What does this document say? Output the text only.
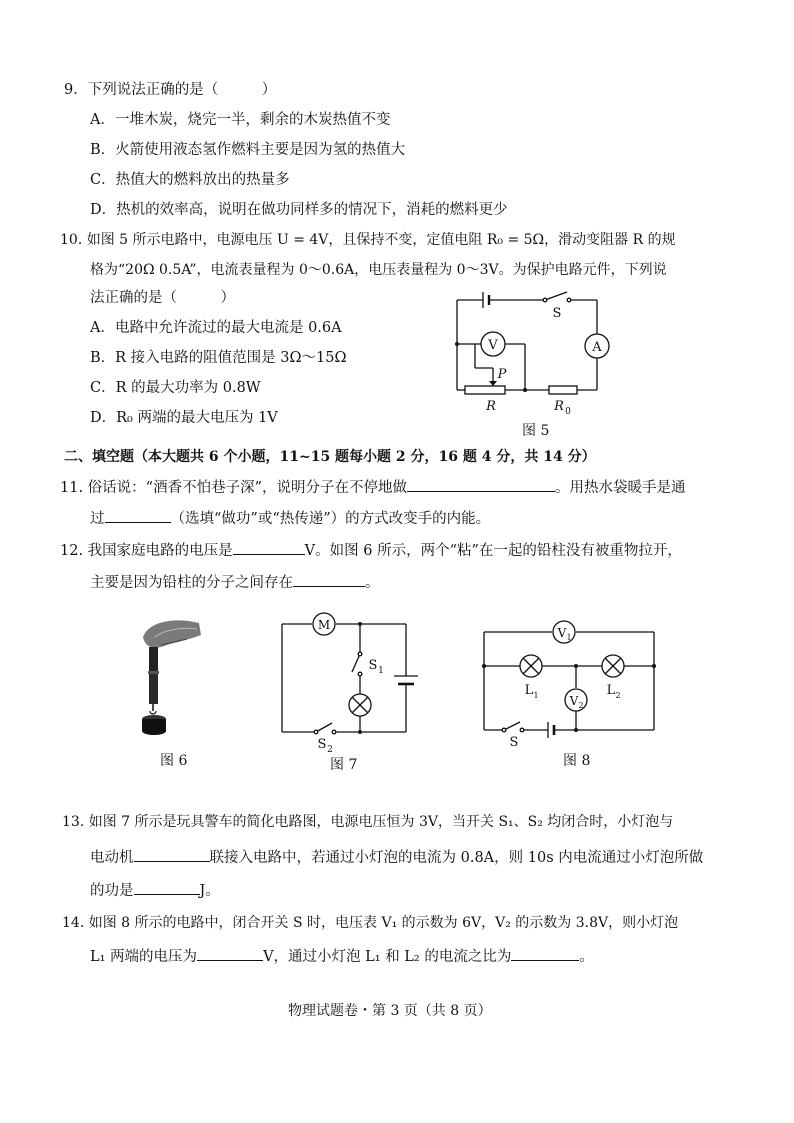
9．下列说法正确的是（　　　）
A．一堆木炭，烧完一半，剩余的木炭热值不变
B．火箭使用液态氢作燃料主要是因为氢的热值大
C．热值大的燃料放出的热量多
D．热机的效率高，说明在做功同样多的情况下，消耗的燃料更少
10. 如图 5 所示电路中，电源电压 U = 4V，且保持不变，定值电阻 R₀ = 5Ω，滑动变阻器 R 的规
格为“20Ω 0.5A”，电流表量程为 0～0.6A，电压表量程为 0～3V。为保护电路元件，下列说
法正确的是（　　　）
A．电路中允许流过的最大电流是 0.6A
B．R 接入电路的阻值范围是 3Ω～15Ω
C．R 的最大功率为 0.8W
D．R₀ 两端的最大电压为 1V
A
V
S
P
R	R 0
图 5
二、填空题（本大题共 6 个小题，11~15 题每小题 2 分，16 题 4 分，共 14 分）
11. 俗话说：“酒香不怕巷子深”，说明分子在不停地做	。用热水袋暖手是通
过	（选填“做功”或“热传递”）的方式改变手的内能。
12. 我国家庭电路的电压是	V。如图 6 所示，两个“粘”在一起的铅柱没有被重物拉开，
主要是因为铅柱的分子之间存在	。
图 6
M
S 1
S 2
图 7
V 1
V 2
L 1	L 2
S
图 8
13. 如图 7 所示是玩具警车的简化电路图，电源电压恒为 3V，当开关 S₁、S₂ 均闭合时，小灯泡与
电动机	联接入电路中，若通过小灯泡的电流为 0.8A，则 10s 内电流通过小灯泡所做
的功是	J。
14. 如图 8 所示的电路中，闭合开关 S 时，电压表 V₁ 的示数为 6V，V₂ 的示数为 3.8V，则小灯泡
L₁ 两端的电压为	V，通过小灯泡 L₁ 和 L₂ 的电流之比为	。
物理试题卷・第 3 页（共 8 页）
